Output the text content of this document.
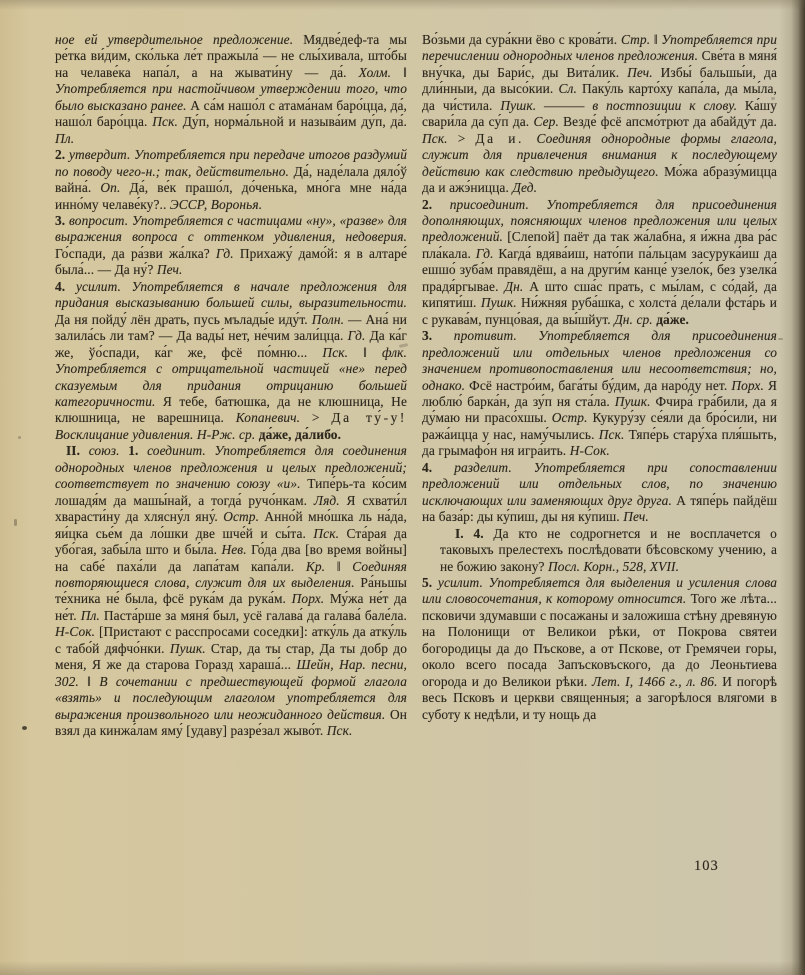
ное ей утвердительное предложение. Мядве́деф-та мы ре́тка ви́дим, ско́лька ле́т пражыла́ — не слы́хивала, што́бы на челаве́ка напа́л, а на жывати́ну — да́. Холм. ‖ Употребляется при настойчивом утверждении того, что было высказано ранее. А са́м нашо́л с атама́нам баро́цца, да́, нашо́л баро́цца. Пск. Ду́п, норма́льной и называ́им ду́п, да́. Пл.

2. утвердит. Употребляется при передаче итогов раздумий по поводу чего-н.; так, действительно. Да́, наде́лала дяло́ў вайна́. Оп. Да́, ве́к прашо́л, до́ченька, мно́га мне на́да инно́му челаве́ку?.. ЭССР, Воронья.

3. вопросит. Употребляется с частицами «ну», «разве» для выражения вопроса с оттенком удивления, недоверия. Го́спади, да ра́зви жа́лка? Гд. Прихажу́ дамо́й: я в алтаре́ была́... — Да ну́? Печ.

4. усилит. Употребляется в начале предложения для придания высказыванию большей силы, выразительности. Да ня пойду́ лён драть, пусь мълады́е иду́т. Полн. — Ана́ ни залила́сь ли там? — Да вады́ нет, не́чим зали́цца. Гд. Да ка́г же, ўо́спади, ка́г же, фсё по́мню... Пск. ‖ флк. Употребляется с отрицательной частицей «не» перед сказуемым для придания отрицанию большей категоричности. Я тебе, батюшка, да не клюшница, Не клюшница, не варешница. Копаневич. > Да ту́-у! Восклицание удивления. Н-Рж. ср. да́же, да́либо.

II. союз. 1. соединит. Употребляется для соединения однородных членов предложения и целых предложений; соответствует по значению союзу «и». Типе́рь-та ко́сим лошадя́м да машы́най, а тогда́ ручо́нкам. Ляд. Я схвати́л хварасти́ну да хлясну́л яну́. Остр. Анно́й мно́шка ль на́да, яи́цка сье́м да ло́шки две шче́й и сы́та. Пск. Ста́рая да убо́гая, забы́ла што и бы́ла. Нев. Го́да два [во время войны] на сабе́ паха́ли да лапа́там капа́ли. Кр. ‖ Соединяя повторяющиеся слова, служит для их выделения. Ра́ньшы те́хника не́ была, фсё рука́м да рука́м. Порх. Му́жа не́т да не́т. Пл. Паста́рше за мяня́ был, усё галава́ да галава́ бале́ла. Н-Сок. [Пристают с расспросами соседки]: атку́ль да атку́ль с табо́й дяфчо́нки. Пушк. Стар, да ты стар, Да ты добр до меня, Я же да старова Горазд хараша́... Шейн, Нар. песни, 302. ‖ В сочетании с предшествующей формой глагола «взять» и последующим глаголом употребляется для выражения произвольного или неожиданного действия. Он взял да кинжа́лам яму́ [удаву] разре́зал жыво́т. Пск.

Во́зьми да сура́кни ёво с крова́ти. Стр. ‖ Употребляется при перечислении однородных членов предложения. Све́та в мяня́ вну́чка, ды Бари́с, ды Вита́лик. Печ. Избы́ бальшы́и, да дли́нныи, да высо́кии. Сл. Паку́ль карто́ху капа́ла, да мы́ла, да чи́стила. Пушк. ——— в постпозиции к слову. Ка́шу свари́ла да су́п да. Сер. Везде́ фсё апсмо́трют да абайду́т да. Пск. > Да и. Соединяя однородные формы глагола, служит для привлечения внимания к последующему действию как следствию предыдущего. Мо́жа абразу́мицца да и ажэ́ницца. Дед.

2. присоединит. Употребляется для присоединения дополняющих, поясняющих членов предложения или целых предложений. [Слепой] паёт да так жа́лабна, я и́жна два ра́с пла́кала. Гд. Кагда́ вдява́иш, нато́пи па́льцам засурука́иш да ешшо́ зуба́м правядёш, а на други́м канце́ узело́к, без узелка́ прадя́ргывае. Дн. А што сша́с прать, с мы́лам, с со́дай, да кипяти́ш. Пушк. Ни́жняя руба́шка, с холста́ де́лали фста́рь и с рукава́м, пунцо́вая, да вы́шйут. Дн. ср. да́же.

3. противит. Употребляется для присоединения предложений или отдельных членов предложения со значением противопоставления или несоответствия; но, однако. Фсё настро́им, бага́ты бу́дим, да наро́ду нет. Порх. Я люблю́ барка́н, да зу́п ня ста́ла. Пушк. Фчира́ гра́били, да я ду́маю ни прасо́хшы. Остр. Кукуру́зу се́яли да бро́сили, ни ража́ицца у нас, наму́чылись. Пск. Тяпе́рь стару́ха пля́шыть, да грымафо́н ня игра́ить. Н-Сок.

4. разделит. Употребляется при сопоставлении предложений или отдельных слов, по значению исключающих или заменяющих друг друга. А тяпе́рь пайдёш на база́р: ды ку́пиш, ды ня ку́пиш. Печ.

I. 4. Да кто не содрогнется и не восплачется о таковыхъ прелестехъ послѣдовати бѣсовскому учению, а не божию закону? Посл. Корн., 528, XVII.

5. усилит. Употребляется для выделения и усиления слова или словосочетания, к которому относится. Того же лѣта... псковичи здумавши с посажаны и заложиша стѣну древяную на Полонищи от Великои рѣки, от Покрова святеи богородицы да до Пъскове, а от Пскове, от Гремячеи горы, около всего посада Запъсковъского, да до Леоньтиева огорода и до Великои рѣки. Лет. I, 1466 г., л. 86. И погорѣ весь Псковъ и церкви священныя; а загорѣлося влягоми в суботу к недѣли, и ту нощь да

103
